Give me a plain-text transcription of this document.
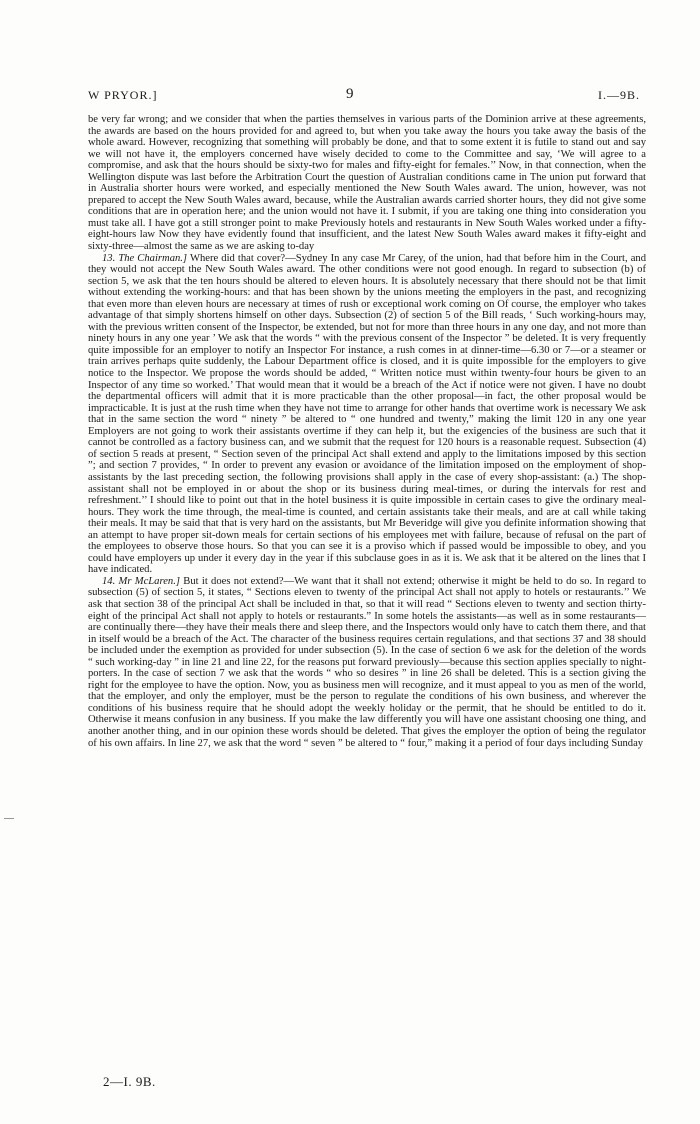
W PRYOR.]	9	I.—9B.

be very far wrong; and we consider that when the parties themselves in various parts of the Dominion arrive at these agreements, the awards are based on the hours provided for and agreed to, but when you take away the hours you take away the basis of the whole award. However, recognizing that something will probably be done, and that to some extent it is futile to stand out and say we will not have it, the employers concerned have wisely decided to come to the Committee and say, ‘We will agree to a compromise, and ask that the hours should be sixty-two for males and fifty-eight for females.’’ Now, in that connection, when the Wellington dispute was last before the Arbitration Court the question of Australian conditions came in The union put forward that in Australia shorter hours were worked, and especially mentioned the New South Wales award. The union, however, was not prepared to accept the New South Wales award, because, while the Australian awards carried shorter hours, they did not give some conditions that are in operation here; and the union would not have it. I submit, if you are taking one thing into consideration you must take all. I have got a still stronger point to make Previously hotels and restaurants in New South Wales worked under a fifty-eight-hours law Now they have evidently found that insufficient, and the latest New South Wales award makes it fifty-eight and sixty-three—almost the same as we are asking to-day

13. The Chairman.] Where did that cover?—Sydney In any case Mr Carey, of the union, had that before him in the Court, and they would not accept the New South Wales award. The other conditions were not good enough. In regard to subsection (b) of section 5, we ask that the ten hours should be altered to eleven hours. It is absolutely necessary that there should not be that limit without extending the working-hours: and that has been shown by the unions meeting the employers in the past, and recognizing that even more than eleven hours are necessary at times of rush or exceptional work coming on Of course, the employer who takes advantage of that simply shortens himself on other days. Subsection (2) of section 5 of the Bill reads, ‘ Such working-hours may, with the previous written consent of the Inspector, be extended, but not for more than three hours in any one day, and not more than ninety hours in any one year ’ We ask that the words “ with the previous consent of the Inspector ” be deleted. It is very frequently quite impossible for an employer to notify an Inspector For instance, a rush comes in at dinner-time—6.30 or 7—or a steamer or train arrives perhaps quite suddenly, the Labour Department office is closed, and it is quite impossible for the employers to give notice to the Inspector. We propose the words should be added, “ Written notice must within twenty-four hours be given to an Inspector of any time so worked.’ That would mean that it would be a breach of the Act if notice were not given. I have no doubt the departmental officers will admit that it is more practicable than the other proposal—in fact, the other proposal would be impracticable. It is just at the rush time when they have not time to arrange for other hands that overtime work is necessary We ask that in the same section the word “ ninety ” be altered to “ one hundred and twenty,” making the limit 120 in any one year Employers are not going to work their assistants overtime if they can help it, but the exigencies of the business are such that it cannot be controlled as a factory business can, and we submit that the request for 120 hours is a reasonable request. Subsection (4) of section 5 reads at present, “ Section seven of the principal Act shall extend and apply to the limitations imposed by this section ”; and section 7 provides, “ In order to prevent any evasion or avoidance of the limitation imposed on the employment of shop-assistants by the last preceding section, the following provisions shall apply in the case of every shop-assistant: (a.) The shop-assistant shall not be employed in or about the shop or its business during meal-times, or during the intervals for rest and refreshment.’’ I should like to point out that in the hotel business it is quite impossible in certain cases to give the ordinary meal-hours. They work the time through, the meal-time is counted, and certain assistants take their meals, and are at call while taking their meals. It may be said that that is very hard on the assistants, but Mr Beveridge will give you definite information showing that an attempt to have proper sit-down meals for certain sections of his employees met with failure, because of refusal on the part of the employees to observe those hours. So that you can see it is a proviso which if passed would be impossible to obey, and you could have employers up under it every day in the year if this subclause goes in as it is. We ask that it be altered on the lines that I have indicated.

14. Mr McLaren.] But it does not extend?—We want that it shall not extend; otherwise it might be held to do so. In regard to subsection (5) of section 5, it states, “ Sections eleven to twenty of the principal Act shall not apply to hotels or restaurants.’’ We ask that section 38 of the principal Act shall be included in that, so that it will read “ Sections eleven to twenty and section thirty-eight of the principal Act shall not apply to hotels or restaurants.” In some hotels the assistants—as well as in some restaurants—are continually there—they have their meals there and sleep there, and the Inspectors would only have to catch them there, and that in itself would be a breach of the Act. The character of the business requires certain regulations, and that sections 37 and 38 should be included under the exemption as provided for under subsection (5). In the case of section 6 we ask for the deletion of the words “ such working-day ” in line 21 and line 22, for the reasons put forward previously—because this section applies specially to night-porters. In the case of section 7 we ask that the words “ who so desires ” in line 26 shall be deleted. This is a section giving the right for the employee to have the option. Now, you as business men will recognize, and it must appeal to you as men of the world, that the employer, and only the employer, must be the person to regulate the conditions of his own business, and wherever the conditions of his business require that he should adopt the weekly holiday or the permit, that he should be entitled to do it. Otherwise it means confusion in any business. If you make the law differently you will have one assistant choosing one thing, and another another thing, and in our opinion these words should be deleted. That gives the employer the option of being the regulator of his own affairs. In line 27, we ask that the word “ seven ” be altered to “ four,” making it a period of four days including Sunday

2—I. 9B.
